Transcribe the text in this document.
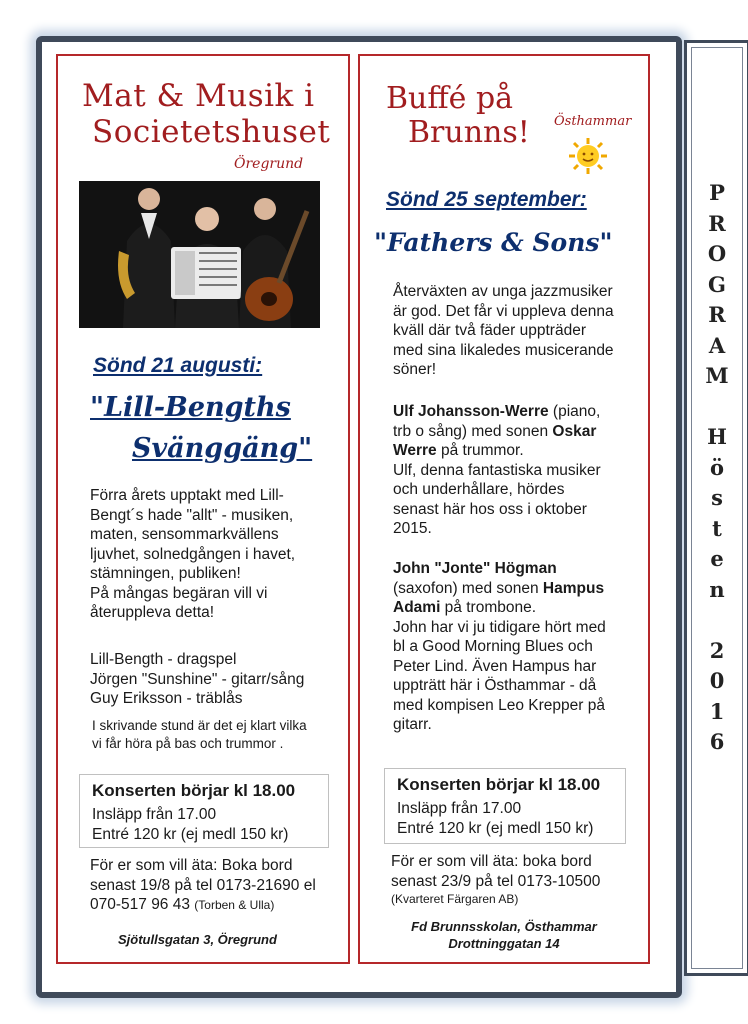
Mat & Musik i
Societetshuset
Öregrund
Sönd 21 augusti:
"Lill-Bengths
Svänggäng"

Förra årets upptakt med Lill-

Bengt´s hade "allt" - musiken,

maten, sensommarkvällens

ljuvhet, solnedgången i havet,

stämningen, publiken!

På mångas begäran vill vi

återuppleva detta!

Lill-Bength - dragspel

Jörgen "Sunshine" - gitarr/sång

Guy Eriksson - träblås

I skrivande stund är det ej klart vilka

vi får höra på bas och trummor .

Konserten börjar kl 18.00
Insläpp från 17.00
Entré 120 kr (ej medl 150 kr)

För er som vill äta: Boka bord

senast 19/8 på tel 0173-21690 el

070-517 96 43 (Torben & Ulla)

Sjötullsgatan 3, Öregrund
Buffé på
Brunns! Östhammar
Sönd 25 september:
"Fathers & Sons"

Återväxten av unga jazzmusiker

är god. Det får vi uppleva denna

kväll där två fäder uppträder

med sina likaledes musicerande

söner!

Ulf Johansson-Werre (piano,

trb o sång) med sonen Oskar

Werre på trummor.

Ulf, denna fantastiska musiker

och underhållare, hördes

senast här hos oss i oktober

2015.

John "Jonte" Högman

(saxofon) med sonen Hampus

Adami på trombone.

John har vi ju tidigare hört med

bl a Good Morning Blues och

Peter Lind. Även Hampus har

uppträtt här i Östhammar - då

med kompisen Leo Krepper på

gitarr.

Konserten börjar kl 18.00
Insläpp från 17.00
Entré 120 kr (ej medl 150 kr)

För er som vill äta: boka bord

senast 23/9 på tel 0173-10500

(Kvarteret Färgaren AB)

Fd Brunnsskolan, Östhammar
Drottninggatan 14
P
R
O
G
R
A
M
H
ö
s
t
e
n
2
0
1
6
